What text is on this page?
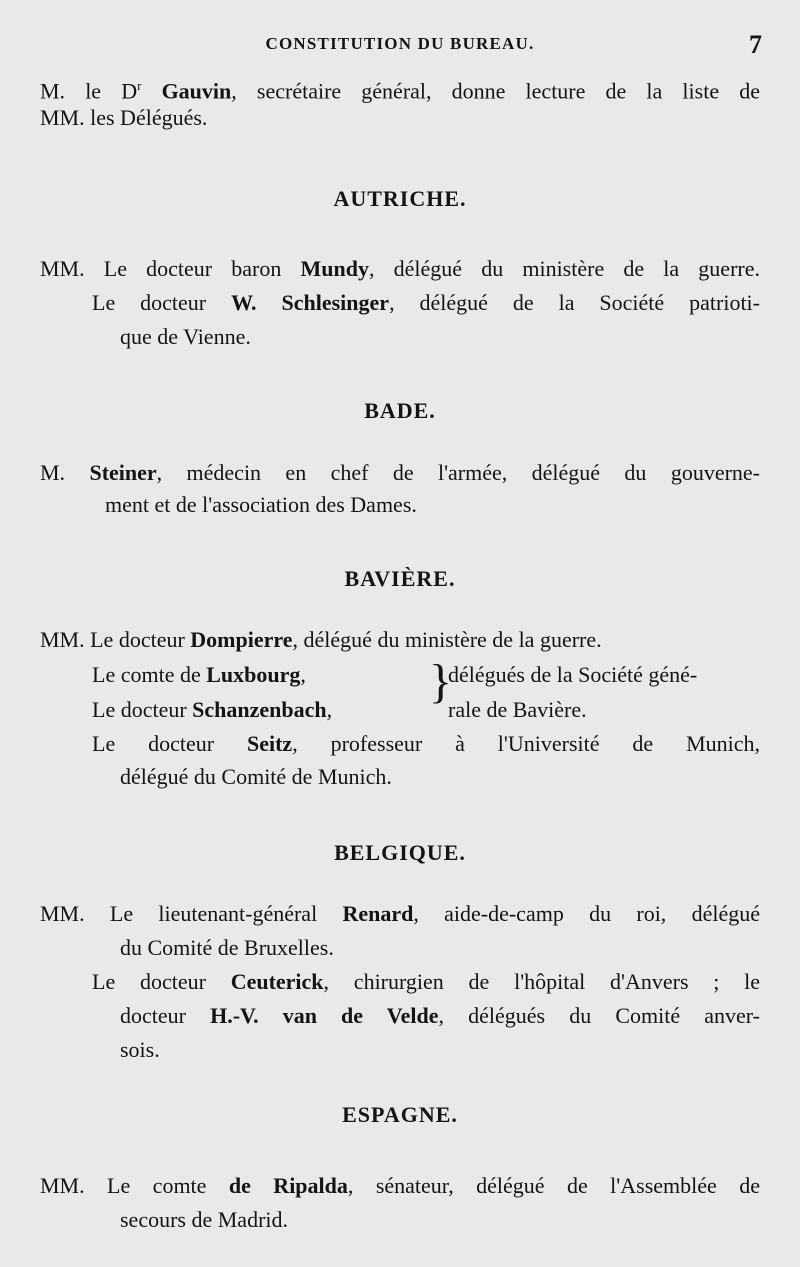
CONSTITUTION DU BUREAU.	7
M. le $D^r$ Gauvin, secrétaire général, donne lecture de la liste de
MM. les Délégués.
AUTRICHE.
MM. Le docteur baron Mundy, délégué du ministère de la guerre.
Le docteur W. Schlesinger, délégué de la Société patrioti-
que de Vienne.
BADE.
M. Steiner, médecin en chef de l'armée, délégué du gouverne-
ment et de l'association des Dames.
BAVIÈRE.
MM. Le docteur Dompierre, délégué du ministère de la guerre.
Le comte de Luxbourg,	}
délégués de la Société géné-
Le docteur Schanzenbach,	rale de Bavière.
Le docteur Seitz, professeur à l'Université de Munich,
délégué du Comité de Munich.
BELGIQUE.
MM. Le lieutenant-général Renard, aide-de-camp du roi, délégué
du Comité de Bruxelles.
Le docteur Ceuterick, chirurgien de l'hôpital d'Anvers ; le
docteur H.-V. van de Velde, délégués du Comité anver-
sois.
ESPAGNE.
MM. Le comte de Ripalda, sénateur, délégué de l'Assemblée de
secours de Madrid.
